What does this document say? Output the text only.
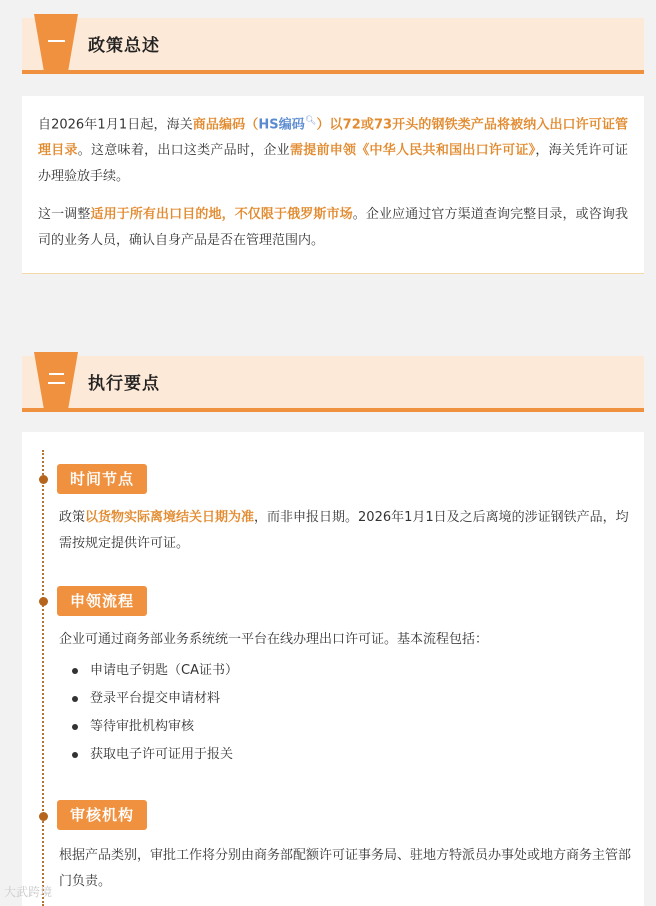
政策总述

自2026年1月1日起，海关商品编码（HS编码🔍︎）以72或73开头的钢铁类产品将被纳入出口许可证管理目录。这意味着，出口这类产品时，企业需提前申领《中华人民共和国出口许可证》，海关凭许可证办理验放手续。

这一调整适用于所有出口目的地，不仅限于俄罗斯市场。企业应通过官方渠道查询完整目录，或咨询我司的业务人员，确认自身产品是否在管理范围内。

执行要点
时间节点

政策以货物实际离境结关日期为准，而非申报日期。2026年1月1日及之后离境的涉证钢铁产品，均需按规定提供许可证。

申领流程

企业可通过商务部业务系统统一平台在线办理出口许可证。基本流程包括：

申请电子钥匙（CA证书）
登录平台提交申请材料
等待审批机构审核
获取电子许可证用于报关
审核机构

根据产品类别，审批工作将分别由商务部配额许可证事务局、驻地方特派员办事处或地方商务主管部门负责。

大武跨境
